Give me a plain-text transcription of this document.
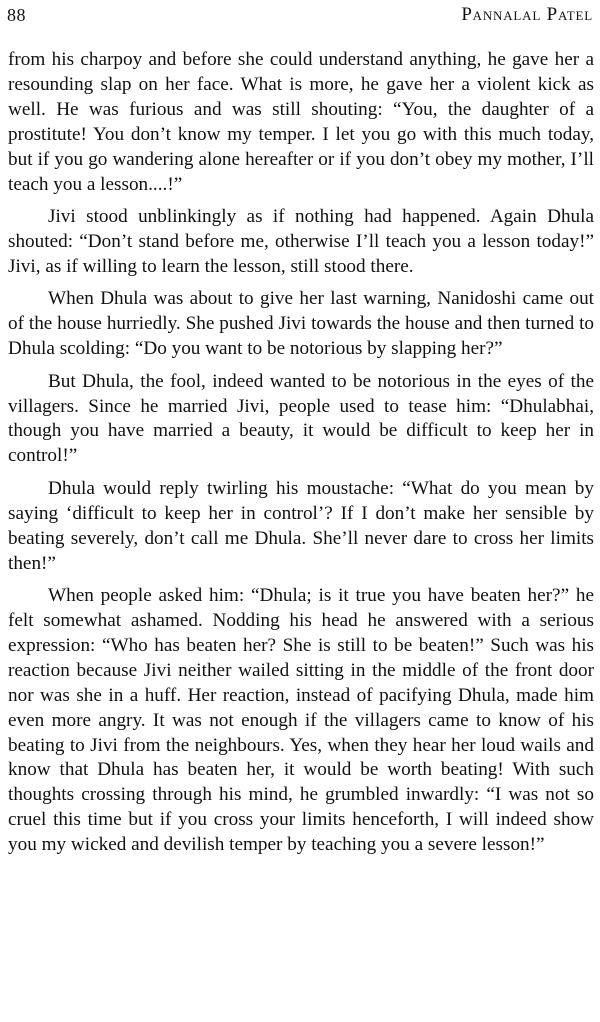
88	Pannalal Patel

from his charpoy and before she could understand anything, he gave her a resounding slap on her face. What is more, he gave her a violent kick as well. He was furious and was still shouting: “You, the daughter of a prostitute! You don’t know my temper. I let you go with this much today, but if you go wandering alone hereafter or if you don’t obey my mother, I’ll teach you a lesson....!”

Jivi stood unblinkingly as if nothing had happened. Again Dhula shouted: “Don’t stand before me, otherwise I’ll teach you a lesson today!” Jivi, as if willing to learn the lesson, still stood there.

When Dhula was about to give her last warning, Nanidoshi came out of the house hurriedly. She pushed Jivi towards the house and then turned to Dhula scolding: “Do you want to be notorious by slapping her?”

But Dhula, the fool, indeed wanted to be notorious in the eyes of the villagers. Since he married Jivi, people used to tease him: “Dhulabhai, though you have married a beauty, it would be difficult to keep her in control!”

Dhula would reply twirling his moustache: “What do you mean by saying ‘difficult to keep her in control’? If I don’t make her sensible by beating severely, don’t call me Dhula. She’ll never dare to cross her limits then!”

When people asked him: “Dhula; is it true you have beaten her?” he felt somewhat ashamed. Nodding his head he answered with a serious expression: “Who has beaten her? She is still to be beaten!” Such was his reaction because Jivi neither wailed sitting in the middle of the front door nor was she in a huff. Her reaction, instead of pacifying Dhula, made him even more angry. It was not enough if the villagers came to know of his beating to Jivi from the neighbours. Yes, when they hear her loud wails and know that Dhula has beaten her, it would be worth beating! With such thoughts crossing through his mind, he grumbled inwardly: “I was not so cruel this time but if you cross your limits henceforth, I will indeed show you my wicked and devilish temper by teaching you a severe lesson!”
